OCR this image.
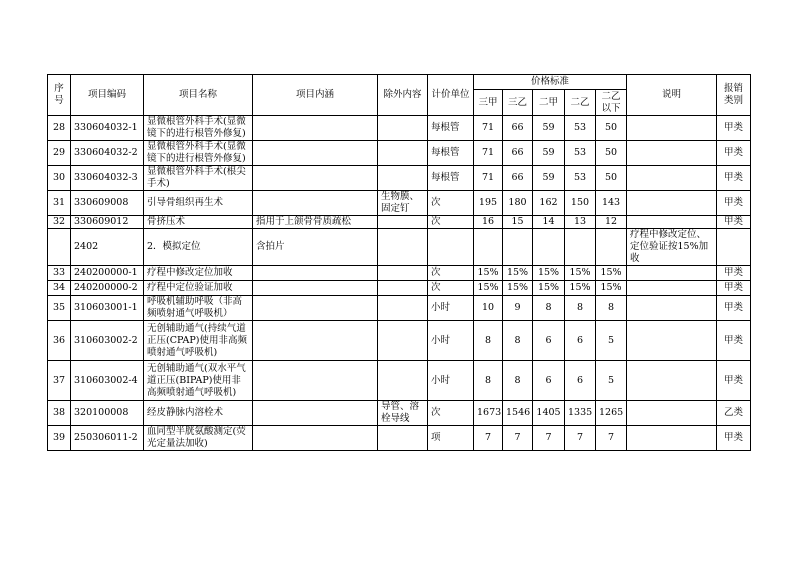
序号	项目编码	项目名称	项目内涵	除外内容	计价单位	价格标准					说明	报销类别
						三甲	三乙	二甲	二乙	二乙以下		
28	330604032-1	显微根管外科手术(显微镜下的进行根管外修复)			每根管	71	66	59	53	50		甲类
29	330604032-2	显微根管外科手术(显微镜下的进行根管外修复)			每根管	71	66	59	53	50		甲类
30	330604032-3	显微根管外科手术(根尖手术)			每根管	71	66	59	53	50		甲类
31	330609008	引导骨组织再生术		生物膜、固定钉	次	195	180	162	150	143		甲类
32	330609012	骨挤压术	指用于上颌骨骨质疏松		次	16	15	14	13	12		甲类
	2402	2．模拟定位	含拍片								疗程中修改定位、定位验证按15%加收	
33	240200000-1	疗程中修改定位加收			次	15%	15%	15%	15%	15%		甲类
34	240200000-2	疗程中定位验证加收			次	15%	15%	15%	15%	15%		甲类
35	310603001-1	呼吸机辅助呼吸（非高频喷射通气呼吸机）			小时	10	9	8	8	8		甲类
36	310603002-2	无创辅助通气(持续气道正压(CPAP)使用非高频喷射通气呼吸机)			小时	8	8	6	6	5		甲类
37	310603002-4	无创辅助通气(双水平气道正压(BIPAP)使用非高频喷射通气呼吸机)			小时	8	8	6	6	5		甲类
38	320100008	经皮静脉内溶栓术		导管、溶栓导线	次	1673	1546	1405	1335	1265		乙类
39	250306011-2	血同型半胱氨酸测定(荧光定量法加收)			项	7	7	7	7	7		甲类
